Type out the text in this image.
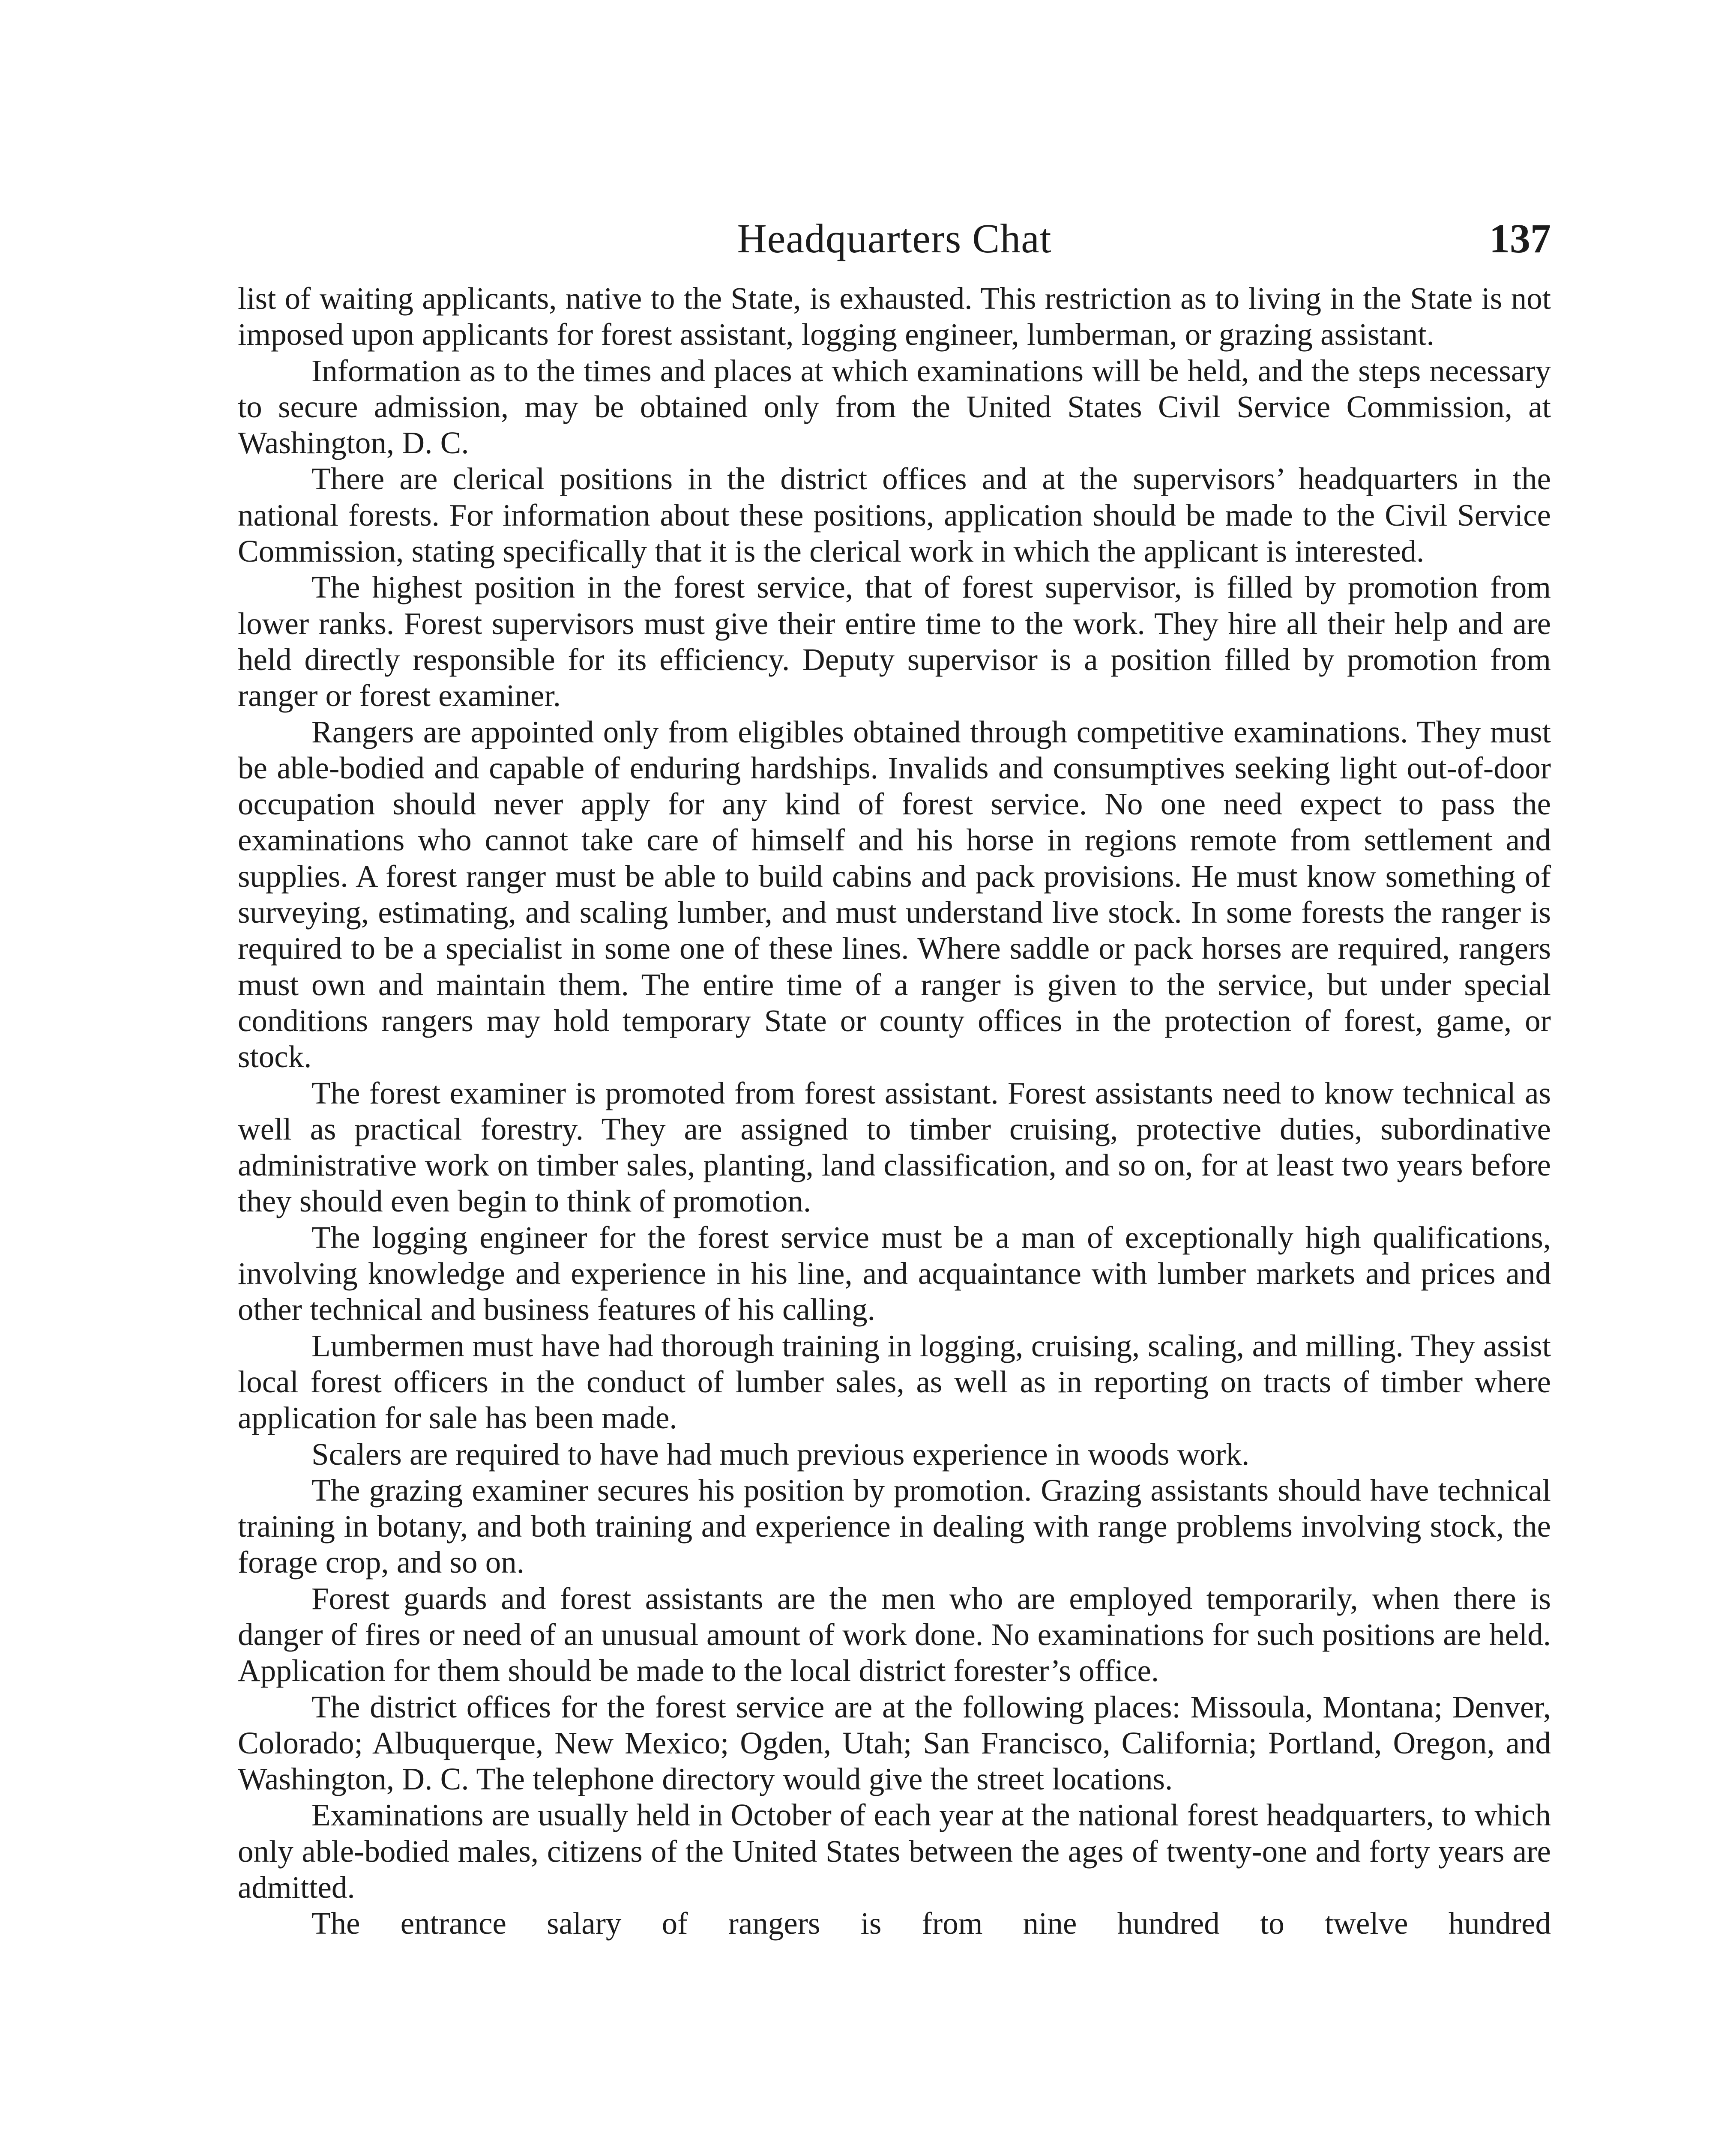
Headquarters Chat	137

list of waiting applicants, native to the State, is exhausted. This restriction as to living in the State is not imposed upon applicants for forest assistant, logging engineer, lumberman, or grazing assistant.

Information as to the times and places at which examinations will be held, and the steps necessary to secure admission, may be obtained only from the United States Civil Service Commission, at Washington, D. C.

There are clerical positions in the district offices and at the supervisors’ headquarters in the national forests. For information about these positions, application should be made to the Civil Service Commission, stating specifically that it is the clerical work in which the applicant is interested.

The highest position in the forest service, that of forest supervisor, is filled by promotion from lower ranks. Forest supervisors must give their entire time to the work. They hire all their help and are held directly responsible for its efficiency. Deputy supervisor is a position filled by promotion from ranger or forest examiner.

Rangers are appointed only from eligibles obtained through competitive examinations. They must be able-bodied and capable of enduring hardships. Invalids and consumptives seeking light out-of-door occupation should never apply for any kind of forest service. No one need expect to pass the examinations who cannot take care of himself and his horse in regions remote from settlement and supplies. A forest ranger must be able to build cabins and pack provisions. He must know something of surveying, estimating, and scaling lumber, and must understand live stock. In some forests the ranger is required to be a specialist in some one of these lines. Where saddle or pack horses are required, rangers must own and maintain them. The entire time of a ranger is given to the service, but under special conditions rangers may hold temporary State or county offices in the protection of forest, game, or stock.

The forest examiner is promoted from forest assistant. Forest assistants need to know technical as well as practical forestry. They are assigned to timber cruising, protective duties, subordinative administrative work on timber sales, planting, land classification, and so on, for at least two years before they should even begin to think of promotion.

The logging engineer for the forest service must be a man of exceptionally high qualifications, involving knowledge and experience in his line, and acquaintance with lumber markets and prices and other technical and business features of his calling.

Lumbermen must have had thorough training in logging, cruising, scaling, and milling. They assist local forest officers in the conduct of lumber sales, as well as in reporting on tracts of timber where application for sale has been made.

Scalers are required to have had much previous experience in woods work.

The grazing examiner secures his position by promotion. Grazing assistants should have technical training in botany, and both training and experience in dealing with range problems involving stock, the forage crop, and so on.

Forest guards and forest assistants are the men who are employed temporarily, when there is danger of fires or need of an unusual amount of work done. No examinations for such positions are held. Application for them should be made to the local district forester’s office.

The district offices for the forest service are at the following places: Missoula, Montana; Denver, Colorado; Albuquerque, New Mexico; Ogden, Utah; San Francisco, California; Portland, Oregon, and Washington, D. C. The telephone directory would give the street locations.

Examinations are usually held in October of each year at the national forest headquarters, to which only able-bodied males, citizens of the United States between the ages of twenty-one and forty years are admitted.

The entrance salary of rangers is from nine hundred to twelve hundred
